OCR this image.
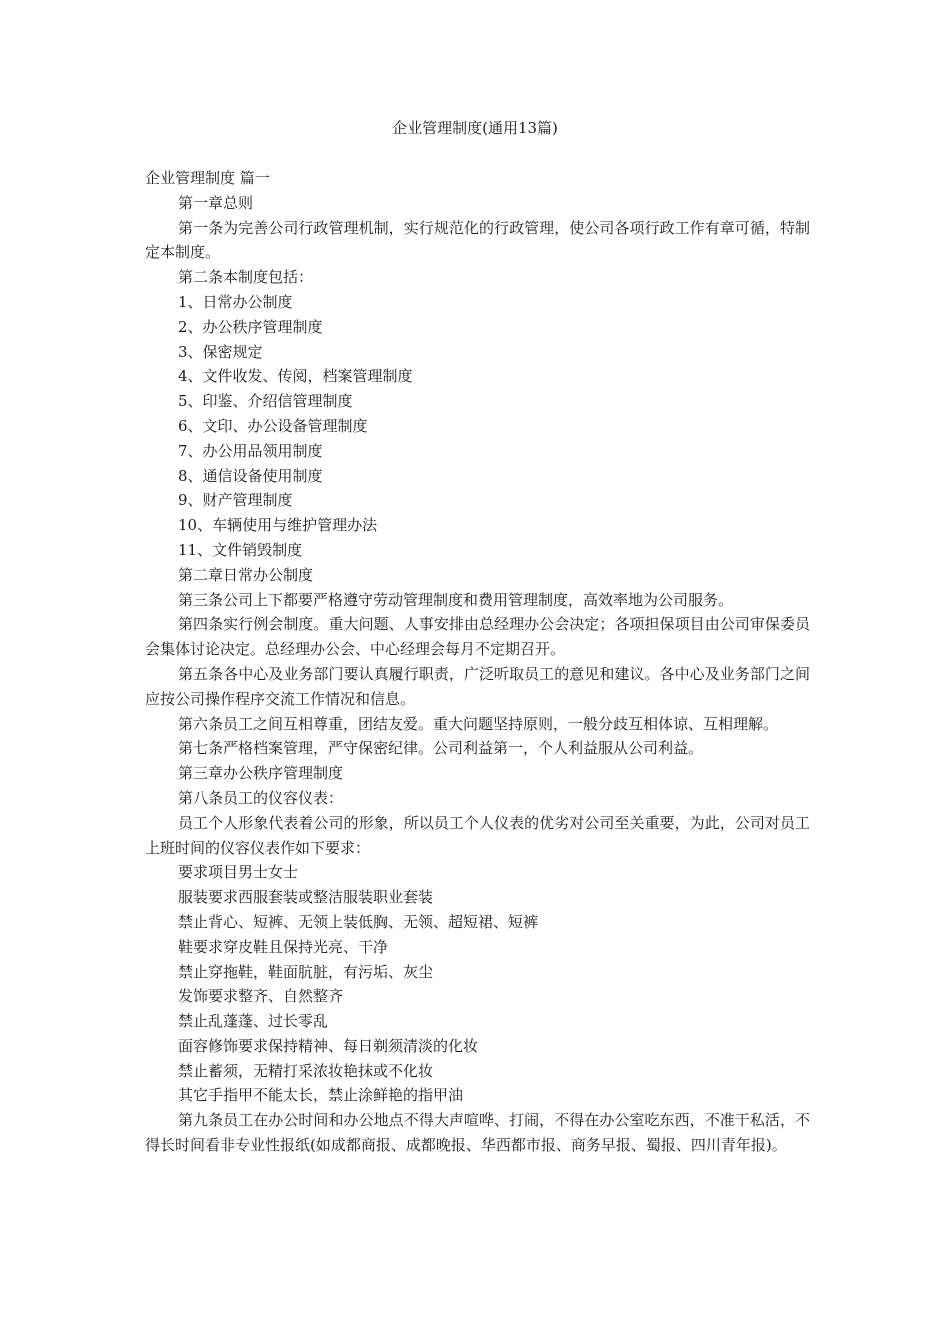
企业管理制度(通用13篇)

企业管理制度 篇一

第一章总则

第一条为完善公司行政管理机制，实行规范化的行政管理，使公司各项行政工作有章可循，特制定本制度。

第二条本制度包括：

1、日常办公制度

2、办公秩序管理制度

3、保密规定

4、文件收发、传阅，档案管理制度

5、印鉴、介绍信管理制度

6、文印、办公设备管理制度

7、办公用品领用制度

8、通信设备使用制度

9、财产管理制度

10、车辆使用与维护管理办法

11、文件销毁制度

第二章日常办公制度

第三条公司上下都要严格遵守劳动管理制度和费用管理制度，高效率地为公司服务。

第四条实行例会制度。重大问题、人事安排由总经理办公会决定；各项担保项目由公司审保委员会集体讨论决定。总经理办公会、中心经理会每月不定期召开。

第五条各中心及业务部门要认真履行职责，广泛听取员工的意见和建议。各中心及业务部门之间应按公司操作程序交流工作情况和信息。

第六条员工之间互相尊重，团结友爱。重大问题坚持原则，一般分歧互相体谅、互相理解。

第七条严格档案管理，严守保密纪律。公司利益第一，个人利益服从公司利益。

第三章办公秩序管理制度

第八条员工的仪容仪表：

员工个人形象代表着公司的形象，所以员工个人仪表的优劣对公司至关重要，为此，公司对员工上班时间的仪容仪表作如下要求：

要求项目男士女士

服装要求西服套装或整洁服装职业套装

禁止背心、短裤、无领上装低胸、无领、超短裙、短裤

鞋要求穿皮鞋且保持光亮、干净

禁止穿拖鞋，鞋面肮脏，有污垢、灰尘

发饰要求整齐、自然整齐

禁止乱蓬蓬、过长零乱

面容修饰要求保持精神、每日剃须清淡的化妆

禁止蓄须，无精打采浓妆艳抹或不化妆

其它手指甲不能太长，禁止涂鲜艳的指甲油

第九条员工在办公时间和办公地点不得大声喧哗、打闹，不得在办公室吃东西，不准干私活，不得长时间看非专业性报纸(如成都商报、成都晚报、华西都市报、商务早报、蜀报、四川青年报)。
